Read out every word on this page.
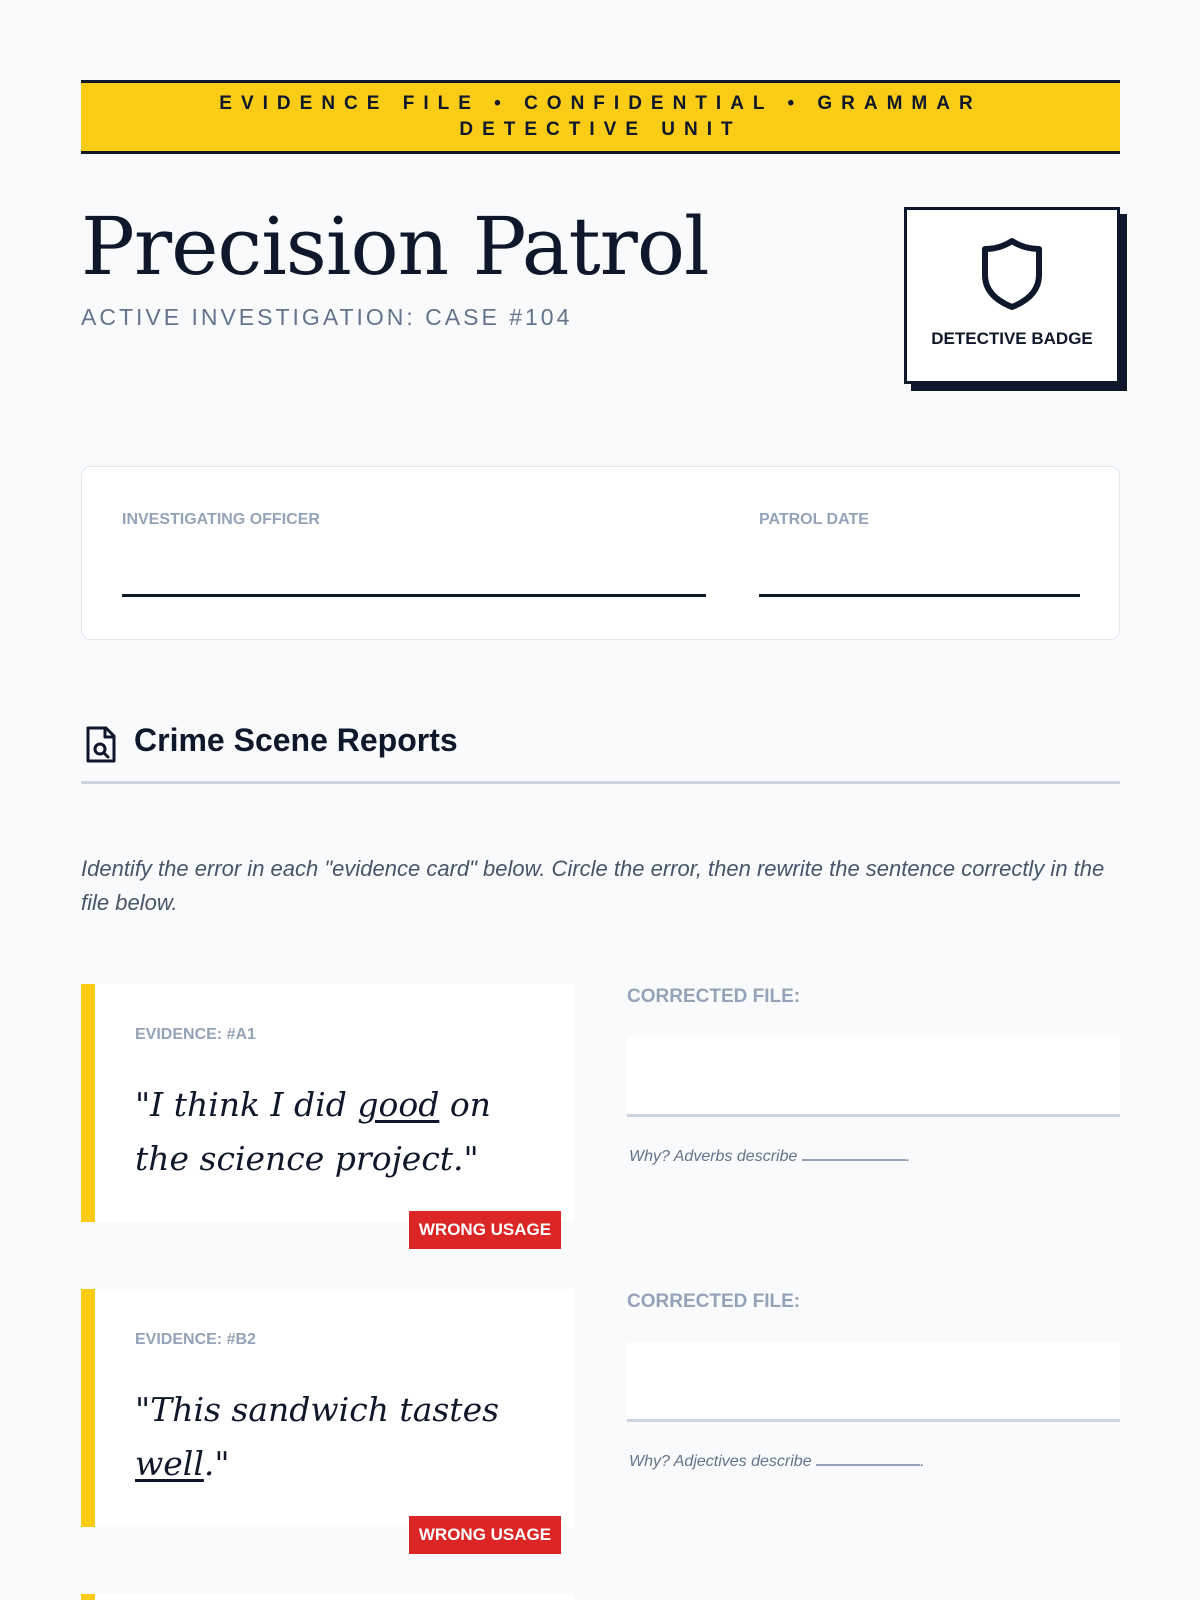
EVIDENCE FILE • CONFIDENTIAL • GRAMMAR DETECTIVE UNIT
Precision Patrol
ACTIVE INVESTIGATION: CASE #104
DETECTIVE BADGE
INVESTIGATING OFFICER	PATROL DATE
Crime Scene Reports

Identify the error in each "evidence card" below. Circle the error, then rewrite the sentence correctly in the file below.

EVIDENCE: #A1
"I think I did good on the science project."
WRONG USAGE
CORRECTED FILE:
Why? Adverbs describe	.
EVIDENCE: #B2
"This sandwich tastes well."
WRONG USAGE
CORRECTED FILE:
Why? Adjectives describe	.
